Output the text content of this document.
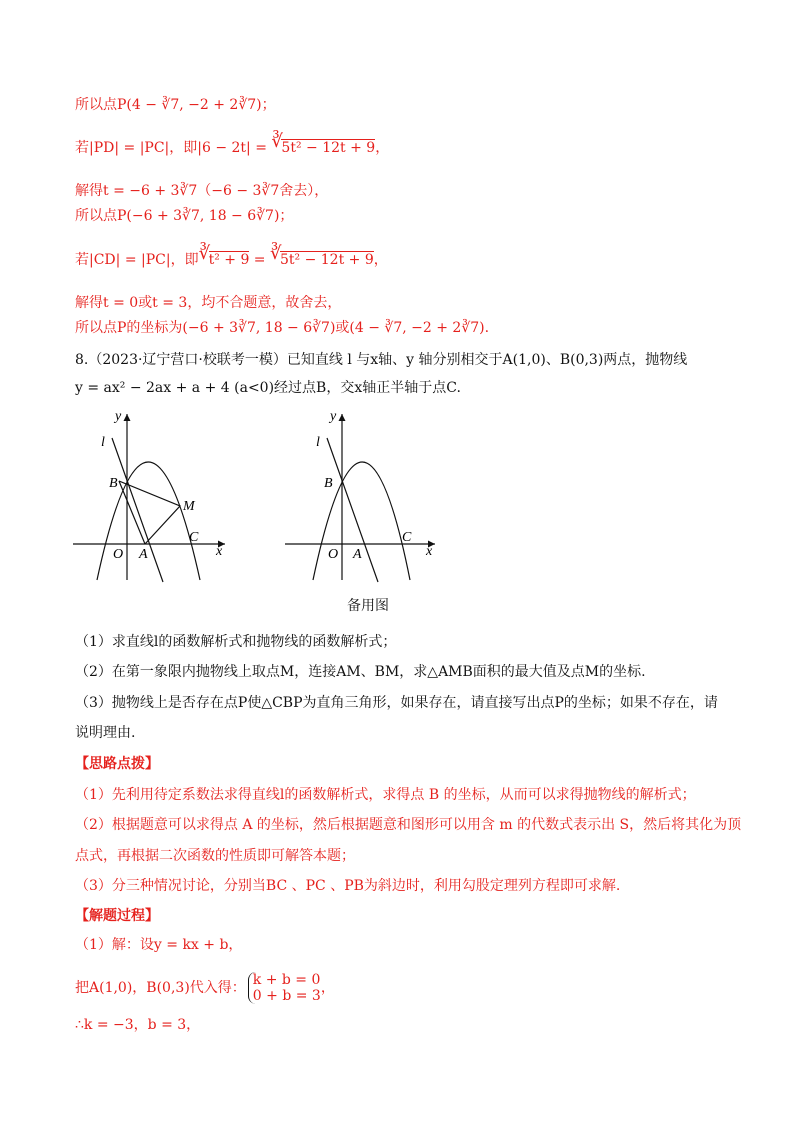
所以点P(4 − ∛7, −2 + 2∛7)；
若|PD| = |PC|，即|6 − 2t| = ∛
5t² − 12t + 9，
解得t = −6 + 3∛7（−6 − 3∛7舍去），
所以点P(−6 + 3∛7, 18 − 6∛7)；
若|CD| = |PC|，即 ∛
t² + 9 = ∛
5t² − 12t + 9，
解得t = 0或t = 3，均不合题意，故舍去，
所以点P的坐标为(−6 + 3∛7, 18 − 6∛7)或(4 − ∛7, −2 + 2∛7).
8.（2023·辽宁营口·校联考一模）已知直线 l 与x轴、y 轴分别相交于A(1,0)、B(0,3)两点，抛物线
y = ax² − 2ax + a + 4 (a<0)经过点B，交x轴正半轴于点C.
y
x
l
B
M
C
O A
y
x
l
B
C
O A
备用图
（1）求直线l的函数解析式和抛物线的函数解析式；
（2）在第一象限内抛物线上取点M，连接AM、BM，求△AMB面积的最大值及点M的坐标.
（3）抛物线上是否存在点P使△CBP为直角三角形，如果存在，请直接写出点P的坐标；如果不存在，请
说明理由.
【思路点拨】
（1）先利用待定系数法求得直线l的函数解析式，求得点 B 的坐标，从而可以求得抛物线的解析式；
（2）根据题意可以求得点 A 的坐标，然后根据题意和图形可以用含 m 的代数式表示出 S，然后将其化为顶
点式，再根据二次函数的性质即可解答本题；
（3）分三种情况讨论，分别当BC 、PC 、PB为斜边时，利用勾股定理列方程即可求解.
【解题过程】
（1）解：设y = kx + b，
把A(1,0)，B(0,3)代入得： k + b = 0
0 + b = 3 ，
∴k = −3，b = 3，
